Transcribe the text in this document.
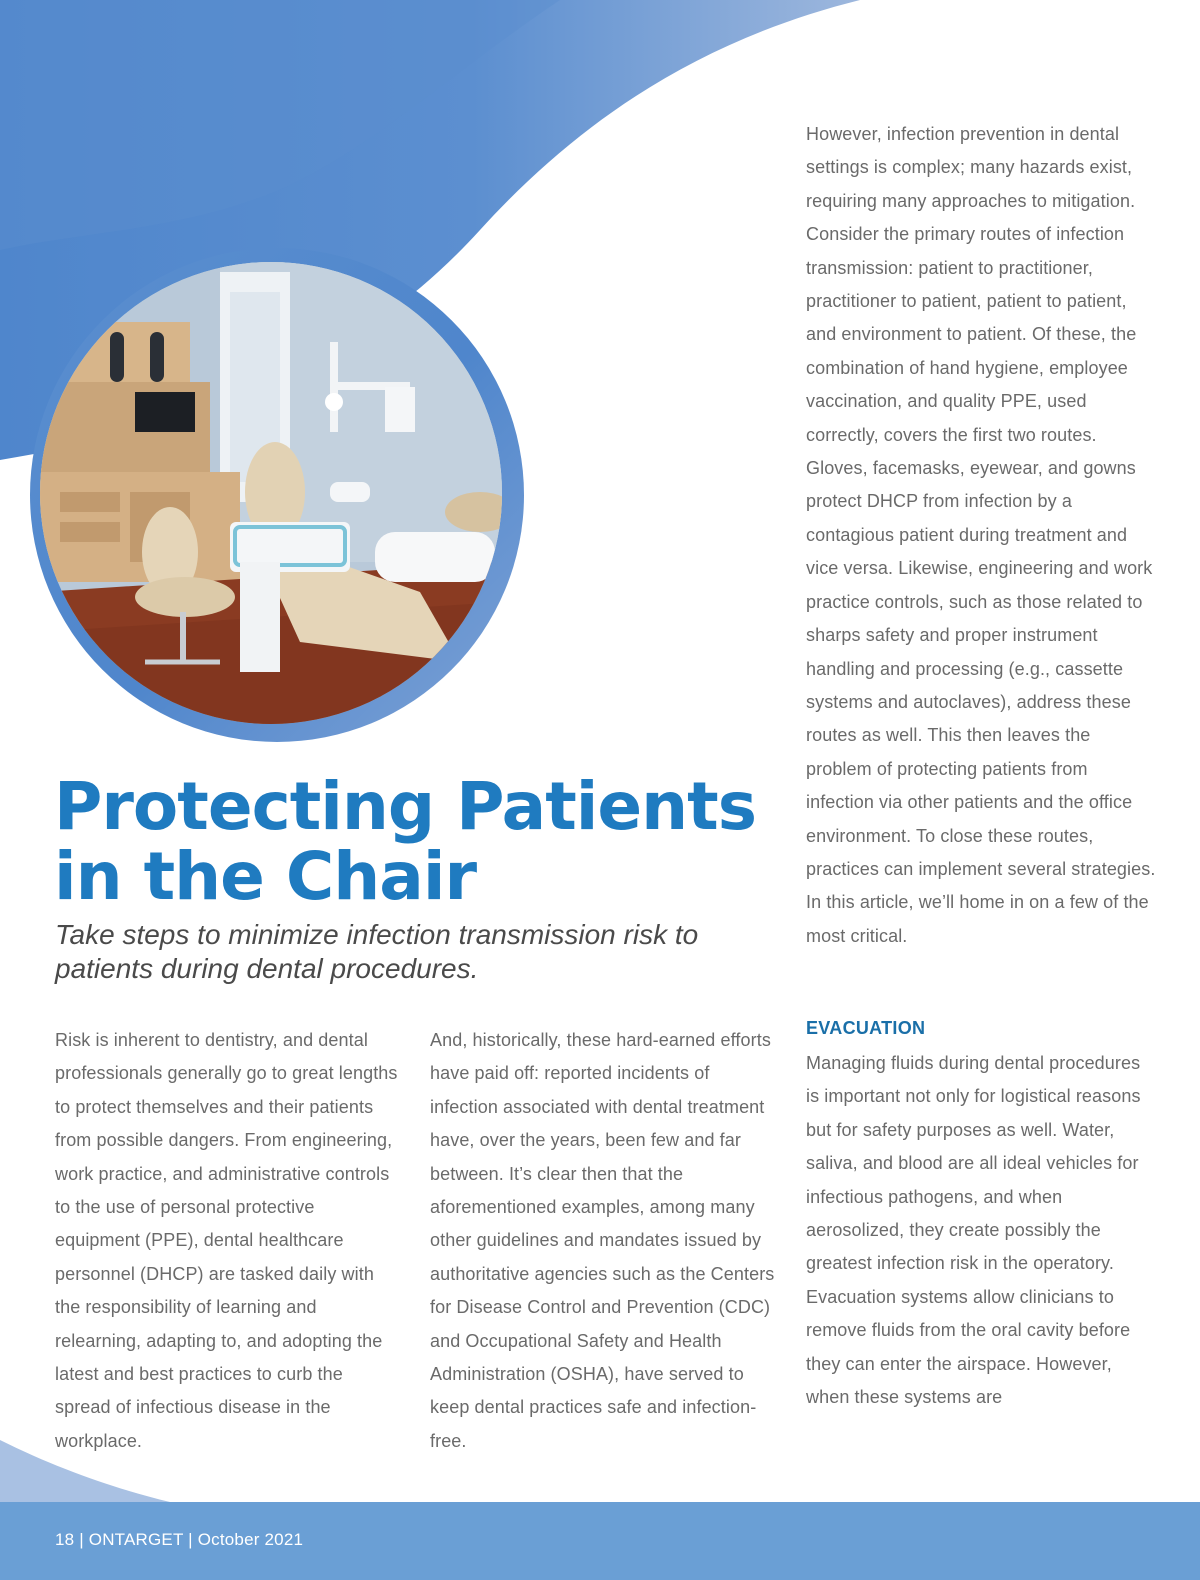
Protecting Patients in the Chair

Take steps to minimize infection transmission risk to patients during dental procedures.

Risk is inherent to dentistry, and dental professionals generally go to great lengths to protect themselves and their patients from possible dangers. From engineering, work practice, and administrative controls to the use of personal protective equipment (PPE), dental healthcare personnel (DHCP) are tasked daily with the responsibility of learning and relearning, adapting to, and adopting the latest and best practices to curb the spread of infectious disease in the workplace.

And, historically, these hard-earned efforts have paid off: reported incidents of infection associated with dental treatment have, over the years, been few and far between. It’s clear then that the aforementioned examples, among many other guidelines and mandates issued by authoritative agencies such as the Centers for Disease Control and Prevention (CDC) and Occupational Safety and Health Administration (OSHA), have served to keep dental practices safe and infection-free.

However, infection prevention in dental settings is complex; many hazards exist, requiring many approaches to mitigation. Consider the primary routes of infection transmission: patient to practitioner, practitioner to patient, patient to patient, and environment to patient. Of these, the combination of hand hygiene, employee vaccination, and quality PPE, used correctly, covers the first two routes. Gloves, facemasks, eyewear, and gowns protect DHCP from infection by a contagious patient during treatment and vice versa. Likewise, engineering and work practice controls, such as those related to sharps safety and proper instrument handling and processing (e.g., cassette systems and autoclaves), address these routes as well. This then leaves the problem of protecting patients from infection via other patients and the office environment. To close these routes, practices can implement several strategies. In this article, we’ll home in on a few of the most critical.

EVACUATION

Managing fluids during dental procedures is important not only for logistical reasons but for safety purposes as well. Water, saliva, and blood are all ideal vehicles for infectious pathogens, and when aerosolized, they create possibly the greatest infection risk in the operatory. Evacuation systems allow clinicians to remove fluids from the oral cavity before they can enter the airspace. However, when these systems are

18 | ONTARGET | October 2021
